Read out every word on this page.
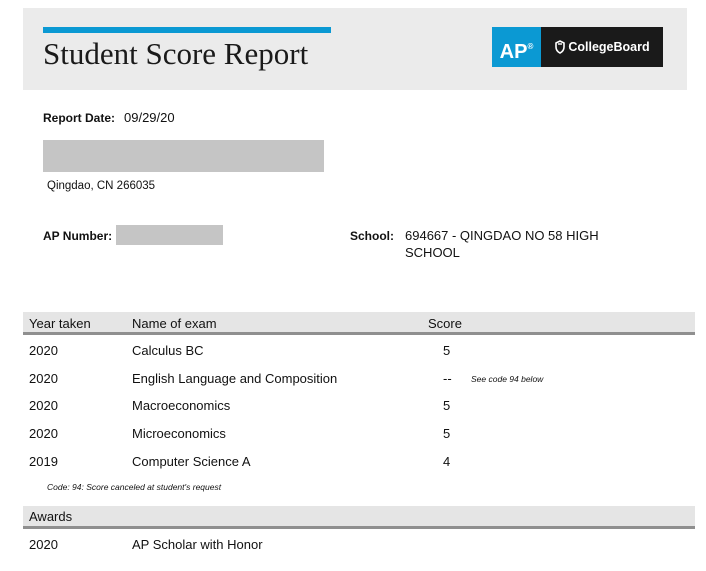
Student Score Report	AP®	CollegeBoard
Report Date: 09/29/20
Qingdao, CN 266035
AP Number:	School: 694667 - QINGDAO NO 58 HIGH
SCHOOL
Year taken	Name of exam	Score
2020	Calculus BC	5
2020	English Language and Composition	-- See code 94 below
2020	Macroeconomics	5
2020	Microeconomics	5
2019	Computer Science A	4
Code: 94: Score canceled at student's request
Awards
2020	AP Scholar with Honor
